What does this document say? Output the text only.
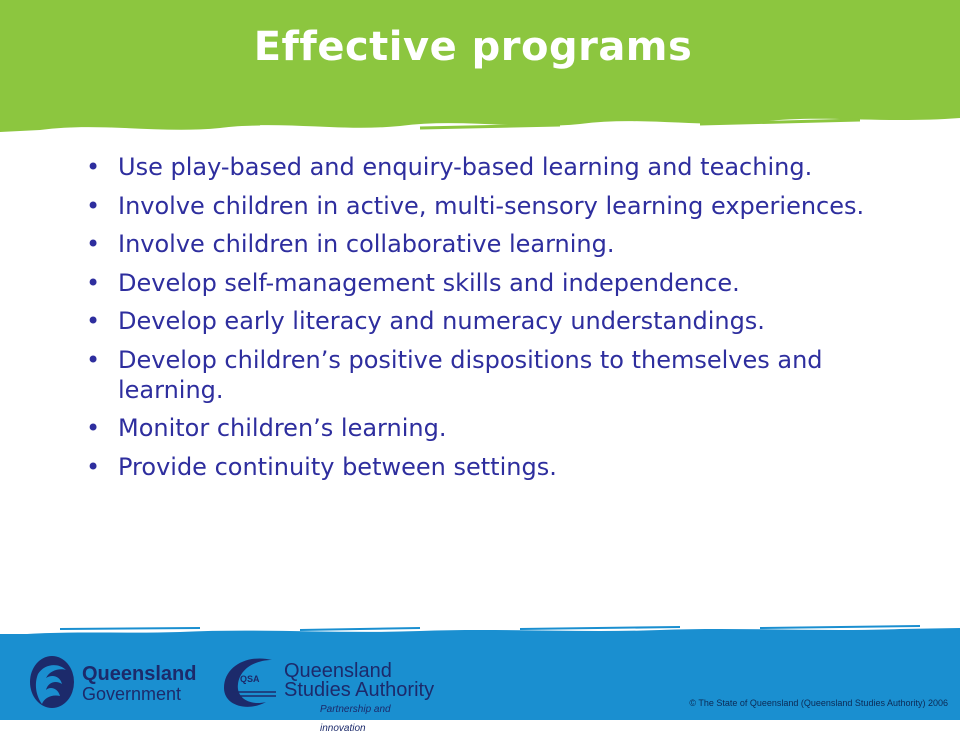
Effective programs
• Use play-based and enquiry-based learning and teaching.
• Involve children in active, multi-sensory learning experiences.
• Involve children in collaborative learning.
• Develop self-management skills and independence.
• Develop early literacy and numeracy understandings.
• Develop children’s positive dispositions to themselves and learning.
• Monitor children’s learning.
• Provide continuity between settings.
Queensland
Government
QSA Queensland
Studies Authority
Partnership and innovation
© The State of Queensland (Queensland Studies Authority) 2006
